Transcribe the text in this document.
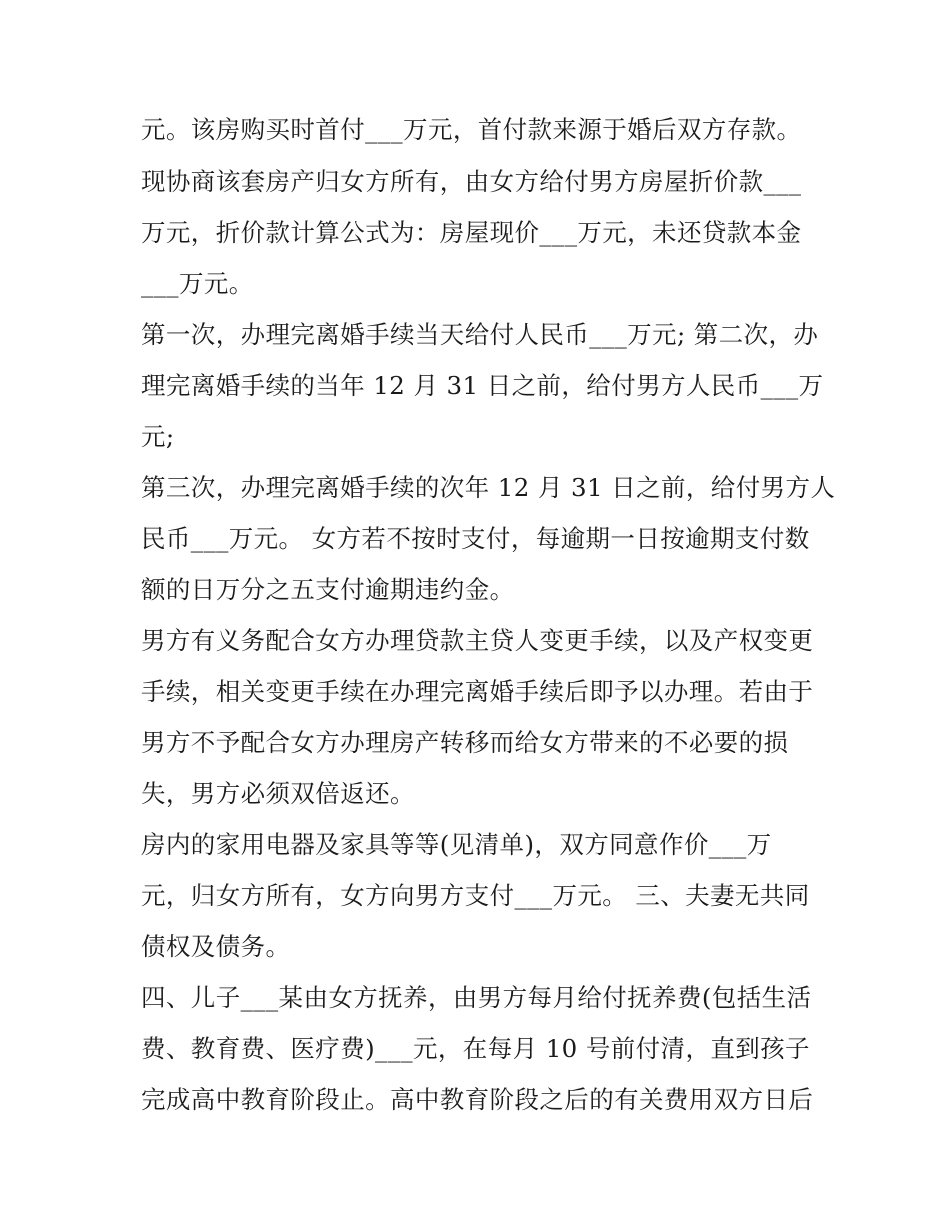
元。该房购买时首付___万元，首付款来源于婚后双方存款。
现协商该套房产归女方所有，由女方给付男方房屋折价款___
万元，折价款计算公式为：房屋现价___万元，未还贷款本金
___万元。
第一次，办理完离婚手续当天给付人民币___万元; 第二次，办
理完离婚手续的当年 12 月 31 日之前，给付男方人民币___万
元;
第三次，办理完离婚手续的次年 12 月 31 日之前，给付男方人
民币___万元。 女方若不按时支付，每逾期一日按逾期支付数
额的日万分之五支付逾期违约金。
男方有义务配合女方办理贷款主贷人变更手续，以及产权变更
手续，相关变更手续在办理完离婚手续后即予以办理。若由于
男方不予配合女方办理房产转移而给女方带来的不必要的损
失，男方必须双倍返还。
房内的家用电器及家具等等(见清单)，双方同意作价___万
元，归女方所有，女方向男方支付___万元。 三、夫妻无共同
债权及债务。
四、儿子___某由女方抚养，由男方每月给付抚养费(包括生活
费、教育费、医疗费)___元，在每月 10 号前付清，直到孩子
完成高中教育阶段止。高中教育阶段之后的有关费用双方日后
